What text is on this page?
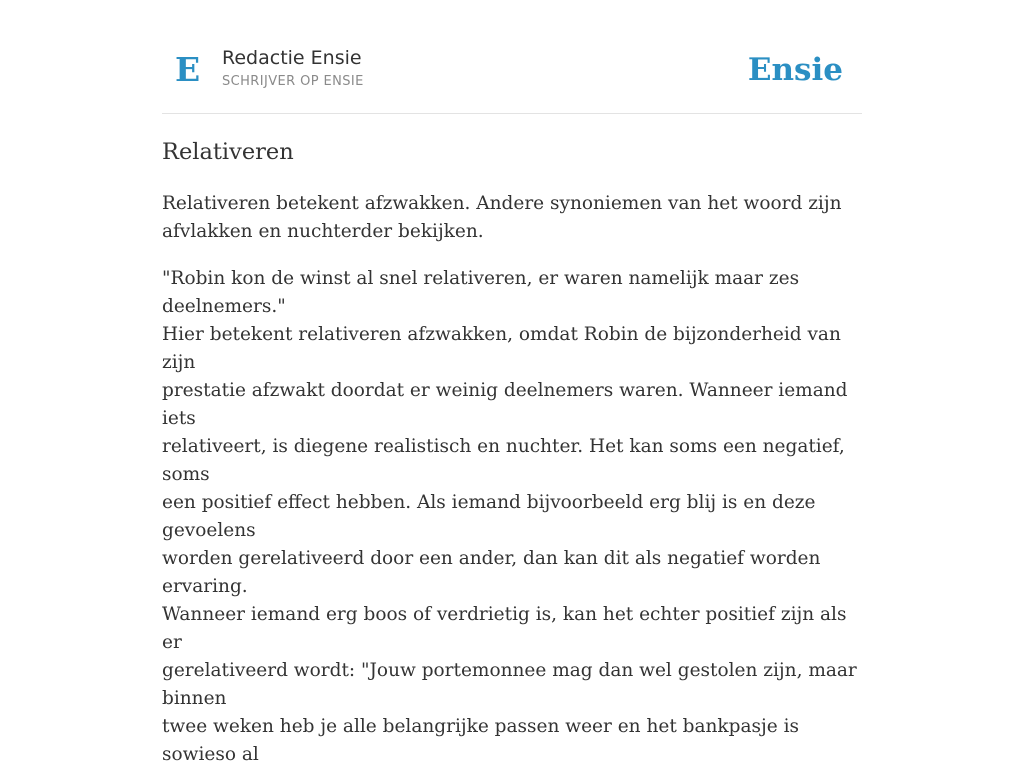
E Redactie Ensie
SCHRIJVER OP ENSIE	Ensie
Relativeren

Relativeren betekent afzwakken. Andere synoniemen van het woord zijn
afvlakken en nuchterder bekijken.

"Robin kon de winst al snel relativeren, er waren namelijk maar zes deelnemers."
Hier betekent relativeren afzwakken, omdat Robin de bijzonderheid van zijn
prestatie afzwakt doordat er weinig deelnemers waren. Wanneer iemand iets
relativeert, is diegene realistisch en nuchter. Het kan soms een negatief, soms
een positief effect hebben. Als iemand bijvoorbeeld erg blij is en deze gevoelens
worden gerelativeerd door een ander, dan kan dit als negatief worden ervaring.
Wanneer iemand erg boos of verdrietig is, kan het echter positief zijn als er
gerelativeerd wordt: "Jouw portemonnee mag dan wel gestolen zijn, maar binnen
twee weken heb je alle belangrijke passen weer en het bankpasje is sowieso al
